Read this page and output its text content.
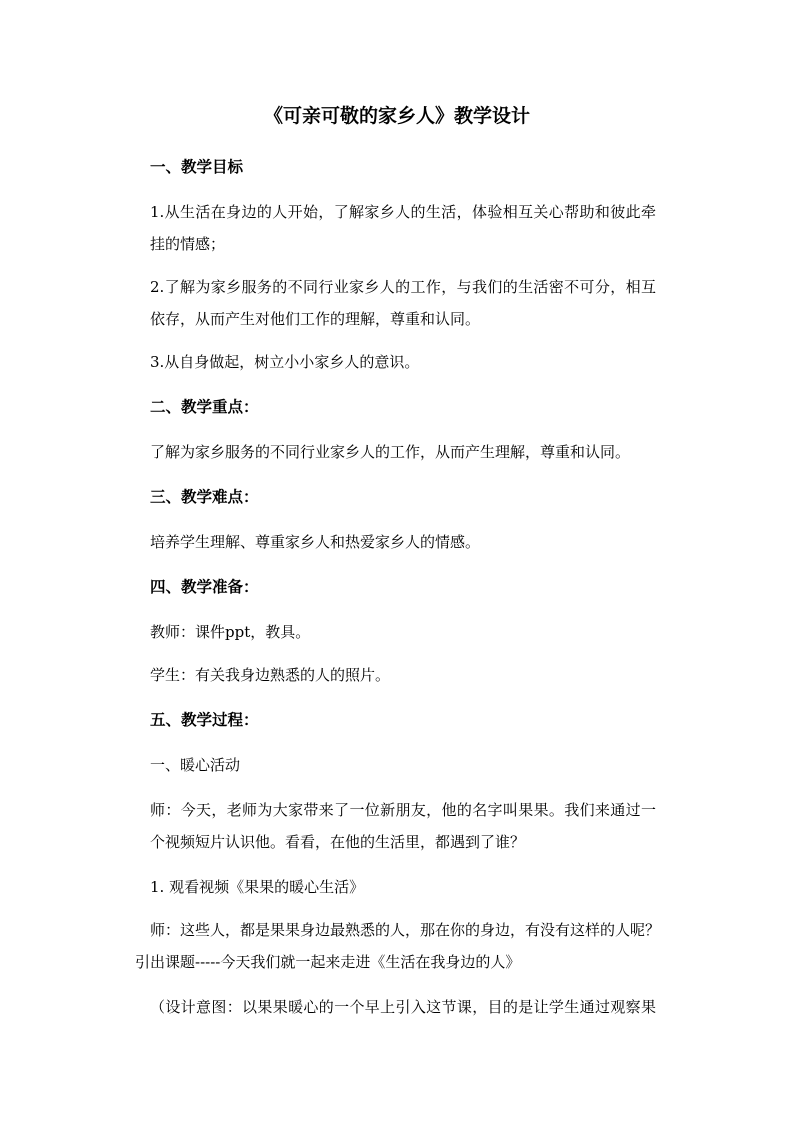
《可亲可敬的家乡人》教学设计
一、教学目标
1.从生活在身边的人开始，了解家乡人的生活，体验相互关心帮助和彼此牵
挂的情感；
2.了解为家乡服务的不同行业家乡人的工作，与我们的生活密不可分，相互
依存，从而产生对他们工作的理解，尊重和认同。
3.从自身做起，树立小小家乡人的意识。
二、教学重点：
了解为家乡服务的不同行业家乡人的工作，从而产生理解，尊重和认同。
三、教学难点：
培养学生理解、尊重家乡人和热爱家乡人的情感。
四、教学准备：
教师：课件ppt，教具。
学生：有关我身边熟悉的人的照片。
五、教学过程：
一、暖心活动
师：今天，老师为大家带来了一位新朋友，他的名字叫果果。我们来通过一
个视频短片认识他。看看，在他的生活里，都遇到了谁？
1. 观看视频《果果的暖心生活》
师：这些人，都是果果身边最熟悉的人，那在你的身边，有没有这样的人呢？
引出课题-----今天我们就一起来走进《生活在我身边的人》
（设计意图：以果果暖心的一个早上引入这节课，目的是让学生通过观察果
